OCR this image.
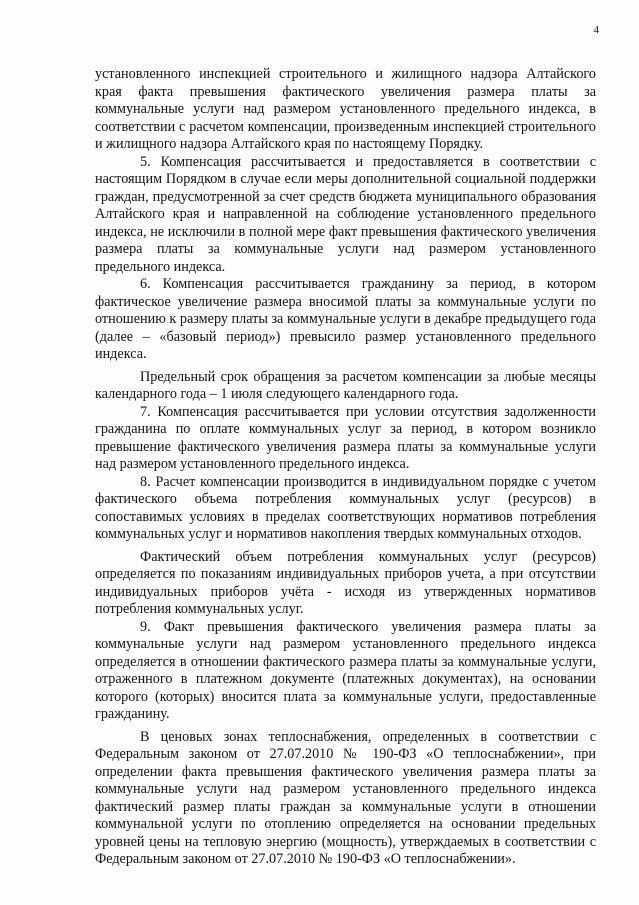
4

установленного инспекцией строительного и жилищного надзора Алтайского края факта превышения фактического увеличения размера платы за коммунальные услуги над размером установленного предельного индекса, в соответствии с расчетом компенсации, произведенным инспекцией строительного и жилищного надзора Алтайского края по настоящему Порядку.

5. Компенсация рассчитывается и предоставляется в соответствии с настоящим Порядком в случае если меры дополнительной социальной поддержки граждан, предусмотренной за счет средств бюджета муниципального образования Алтайского края и направленной на соблюдение установленного предельного индекса, не исключили в полной мере факт превышения фактического увеличения размера платы за коммунальные услуги над размером установленного предельного индекса.

6. Компенсация рассчитывается гражданину за период, в котором фактическое увеличение размера вносимой платы за коммунальные услуги по отношению к размеру платы за коммунальные услуги в декабре предыдущего года (далее – «базовый период») превысило размер установленного предельного индекса.

Предельный срок обращения за расчетом компенсации за любые месяцы календарного года – 1 июля следующего календарного года.

7. Компенсация рассчитывается при условии отсутствия задолженности гражданина по оплате коммунальных услуг за период, в котором возникло превышение фактического увеличения размера платы за коммунальные услуги над размером установленного предельного индекса.

8. Расчет компенсации производится в индивидуальном порядке с учетом фактического объема потребления коммунальных услуг (ресурсов) в сопоставимых условиях в пределах соответствующих нормативов потребления коммунальных услуг и нормативов накопления твердых коммунальных отходов.

Фактический объем потребления коммунальных услуг (ресурсов) определяется по показаниям индивидуальных приборов учета, а при отсутствии индивидуальных приборов учёта - исходя из утвержденных нормативов потребления коммунальных услуг.

9. Факт превышения фактического увеличения размера платы за коммунальные услуги над размером установленного предельного индекса определяется в отношении фактического размера платы за коммунальные услуги, отраженного в платежном документе (платежных документах), на основании которого (которых) вносится плата за коммунальные услуги, предоставленные гражданину.

В ценовых зонах теплоснабжения, определенных в соответствии с Федеральным законом от 27.07.2010 № 190-ФЗ «О теплоснабжении», при определении факта превышения фактического увеличения размера платы за коммунальные услуги над размером установленного предельного индекса фактический размер платы граждан за коммунальные услуги в отношении коммунальной услуги по отоплению определяется на основании предельных уровней цены на тепловую энергию (мощность), утверждаемых в соответствии с Федеральным законом от 27.07.2010 № 190-ФЗ «О теплоснабжении».
